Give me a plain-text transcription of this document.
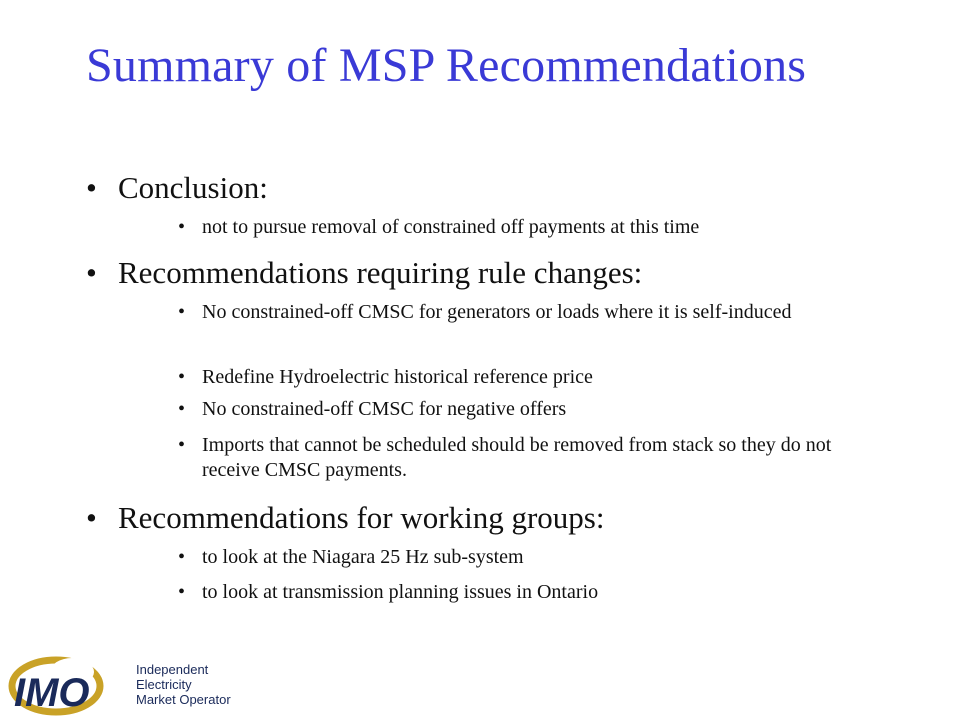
Summary of MSP Recommendations
• Conclusion:
• not to pursue removal of constrained off payments at this time
• Recommendations requiring rule changes:
• No constrained-off CMSC for generators or loads where it is self-induced
• Redefine Hydroelectric historical reference price
• No constrained-off CMSC for negative offers
• Imports that cannot be scheduled should be removed from stack so they do not receive CMSC payments.
• Recommendations for working groups:
• to look at the Niagara 25 Hz sub-system
• to look at transmission planning issues in Ontario
IMO
Independent
Electricity
Market Operator
